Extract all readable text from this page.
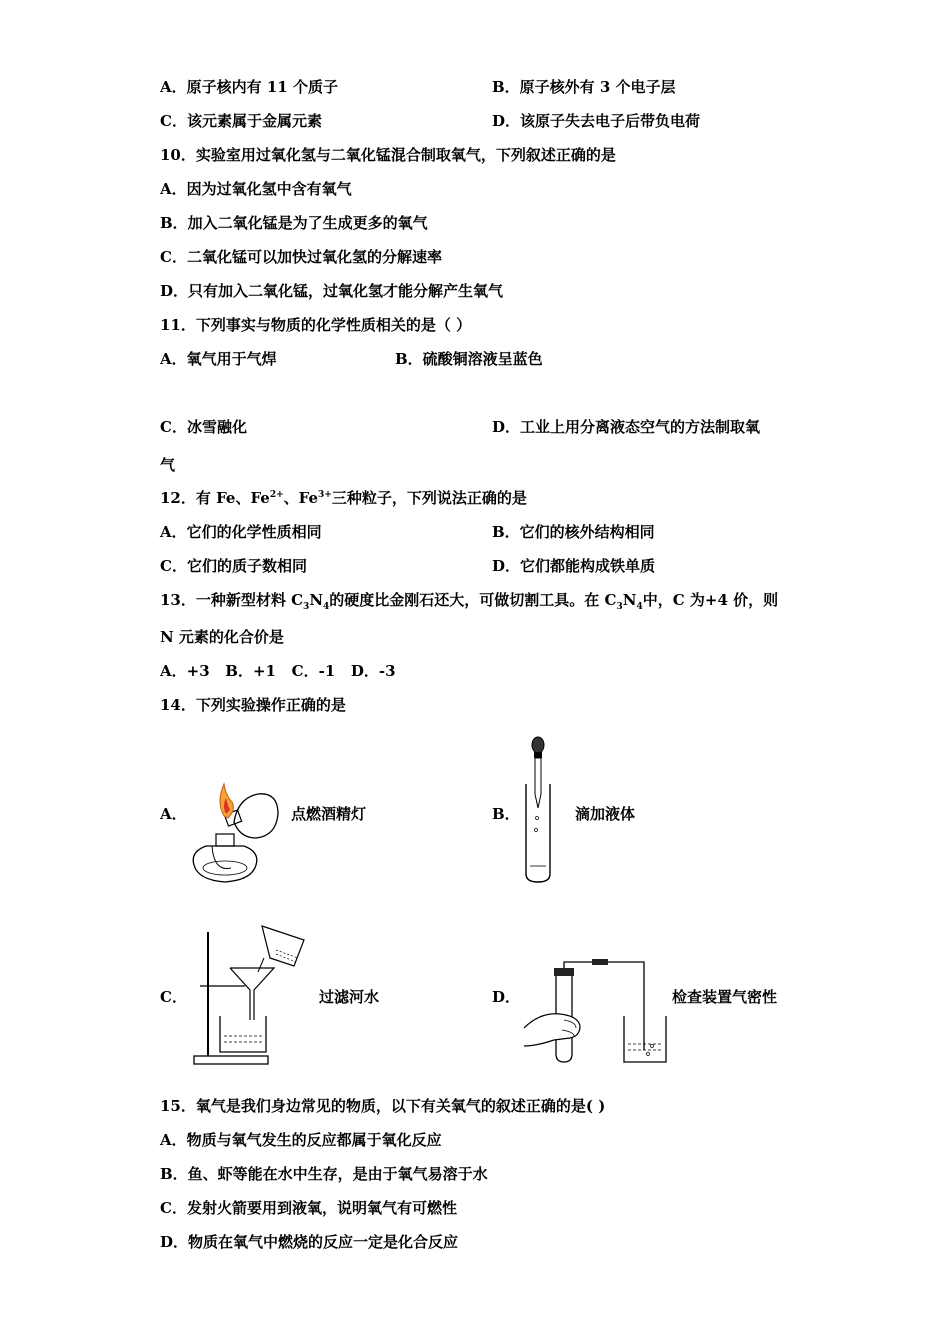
A．原子核内有 11 个质子	B．原子核外有 3 个电子层
C．该元素属于金属元素	D．该原子失去电子后带负电荷
10．实验室用过氧化氢与二氧化锰混合制取氧气，下列叙述正确的是
A．因为过氧化氢中含有氧气
B．加入二氧化锰是为了生成更多的氧气
C．二氧化锰可以加快过氧化氢的分解速率
D．只有加入二氧化锰，过氧化氢才能分解产生氧气
11．下列事实与物质的化学性质相关的是（ ）
A．氧气用于气焊	B．硫酸铜溶液呈蓝色
C．冰雪融化	D．工业上用分离液态空气的方法制取氧
气
12．有 Fe、$Fe^{2+}$、$Fe^{3+}$三种粒子，下列说法正确的是
A．它们的化学性质相同	B．它们的核外结构相同
C．它们的质子数相同	D．它们都能构成铁单质
13．一种新型材料 $C_3N_4$的硬度比金刚石还大，可做切割工具。在 $C_3N_4$中，C 为+4 价，则
N 元素的化合价是
A．+3   B．+1   C．-1   D．-3
14．下列实验操作正确的是
A．	点燃酒精灯	B．	滴加液体
C．	过滤河水	D．	检查装置气密性
15．氧气是我们身边常见的物质，以下有关氧气的叙述正确的是( )
A．物质与氧气发生的反应都属于氧化反应
B．鱼、虾等能在水中生存，是由于氧气易溶于水
C．发射火箭要用到液氧，说明氧气有可燃性
D．物质在氧气中燃烧的反应一定是化合反应
